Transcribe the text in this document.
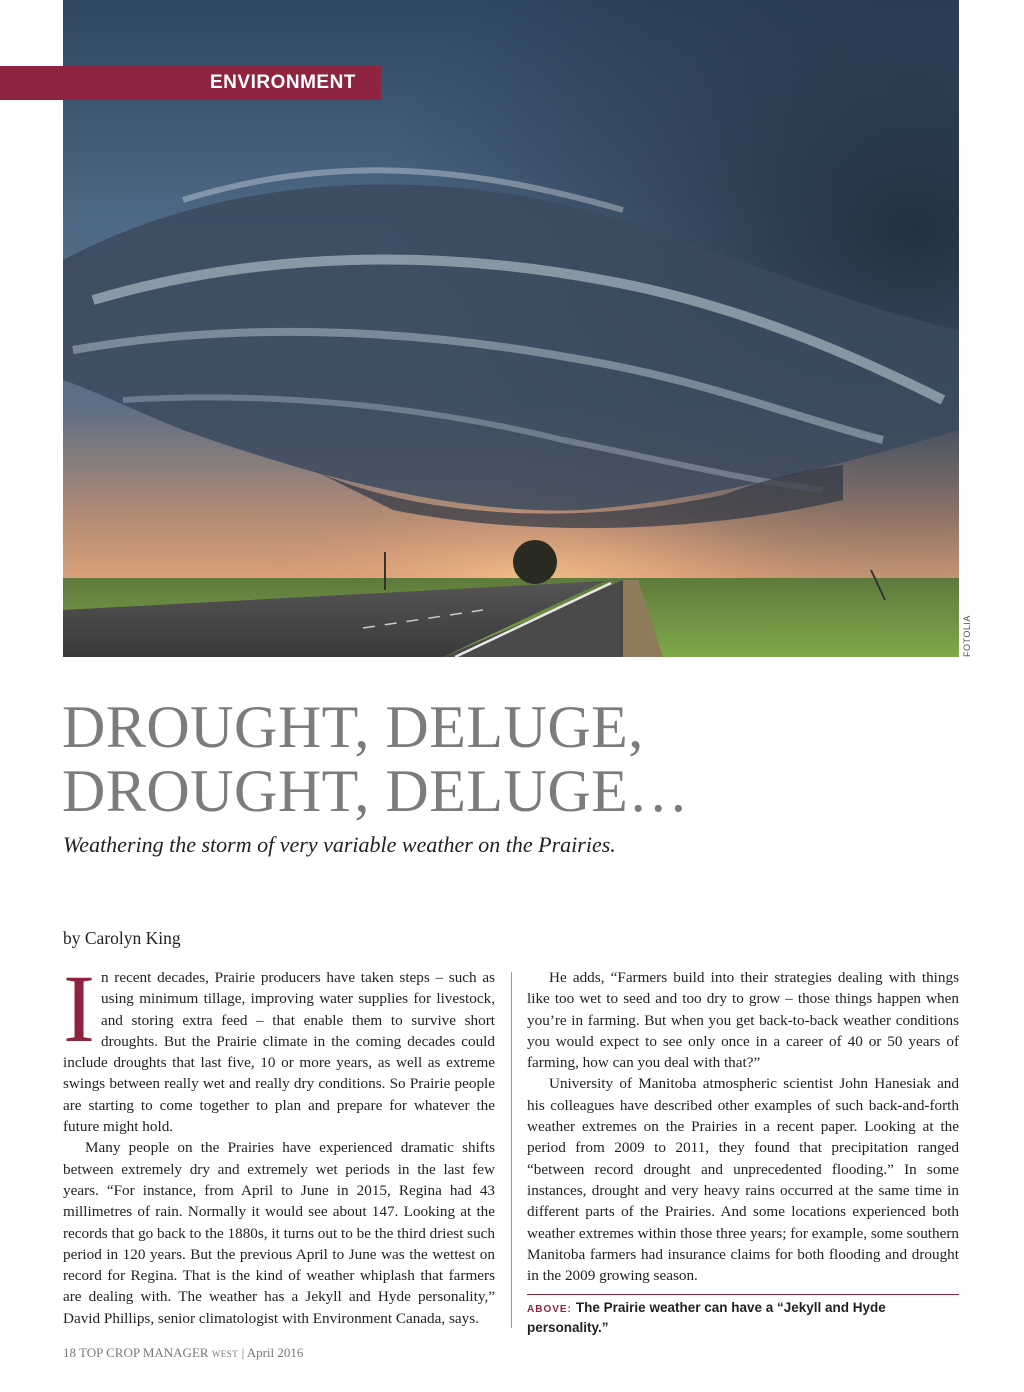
ENVIRONMENT
FOTOLIA
DROUGHT, DELUGE,
DROUGHT, DELUGE…
Weathering the storm of very variable weather on the Prairies.
by Carolyn King

In recent decades, Prairie producers have taken steps – such as using minimum tillage, improving water supplies for livestock, and storing extra feed – that enable them to survive short droughts. But the Prairie climate in the coming decades could include droughts that last five, 10 or more years, as well as extreme swings between really wet and really dry conditions. So Prairie people are starting to come together to plan and prepare for whatever the future might hold.

Many people on the Prairies have experienced dramatic shifts between extremely dry and extremely wet periods in the last few years. “For instance, from April to June in 2015, Regina had 43 millimetres of rain. Normally it would see about 147. Looking at the records that go back to the 1880s, it turns out to be the third driest such period in 120 years. But the previous April to June was the wettest on record for Regina. That is the kind of weather whiplash that farmers are dealing with. The weather has a Jekyll and Hyde personality,” David Phillips, senior climatologist with Environment Canada, says.

He adds, “Farmers build into their strategies dealing with things like too wet to seed and too dry to grow – those things happen when you’re in farming. But when you get back-to-back weather conditions you would expect to see only once in a career of 40 or 50 years of farming, how can you deal with that?”

University of Manitoba atmospheric scientist John Hanesiak and his colleagues have described other examples of such back-and-forth weather extremes on the Prairies in a recent paper. Looking at the period from 2009 to 2011, they found that precipitation ranged “between record drought and unprecedented flooding.” In some instances, drought and very heavy rains occurred at the same time in different parts of the Prairies. And some locations experienced both weather extremes within those three years; for example, some southern Manitoba farmers had insurance claims for both flooding and drought in the 2009 growing season.

ABOVE: The Prairie weather can have a “Jekyll and Hyde personality.”
18 TOP CROP MANAGER WEST | April 2016
